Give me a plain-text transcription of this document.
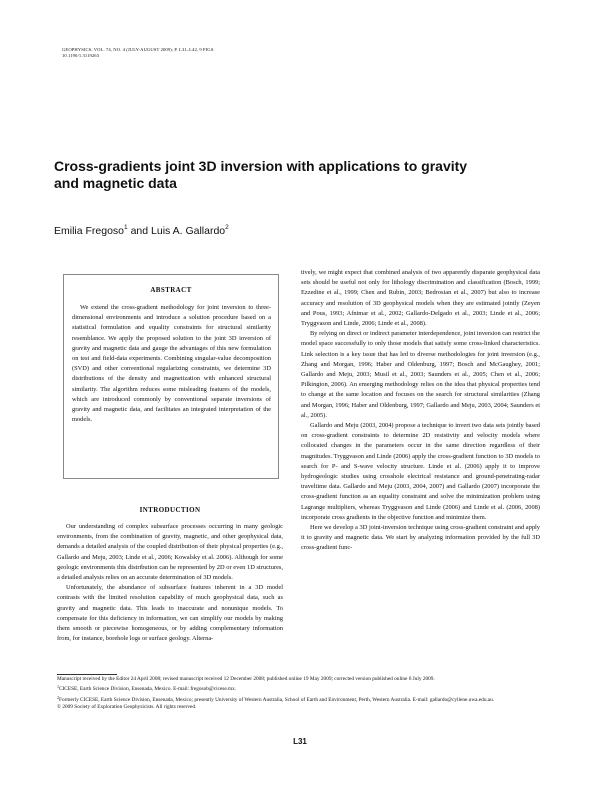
GEOPHYSICS, VOL. 74, NO. 4 (JULY-AUGUST 2009); P. L31–L42, 9 FIGS.
10.1190/1.3119263
Cross-gradients joint 3D inversion with applications to gravity and magnetic data
Emilia Fregoso$^1$ and Luis A. Gallardo$^2$
ABSTRACT
We extend the cross-gradient methodology for joint inversion to three-dimensional environments and introduce a solution procedure based on a statistical formulation and equality constraints for structural similarity resemblance. We apply the proposed solution to the joint 3D inversion of gravity and magnetic data and gauge the advantages of this new formulation on test and field-data experiments. Combining singular-value decomposition (SVD) and other conventional regularizing constraints, we determine 3D distributions of the density and magnetization with enhanced structural similarity. The algorithm reduces some misleading features of the models, which are introduced commonly by conventional separate inversions of gravity and magnetic data, and facilitates an integrated interpretation of the models.
INTRODUCTION

Our understanding of complex subsurface processes occurring in many geologic environments, from the combination of gravity, magnetic, and other geophysical data, demands a detailed analysis of the coupled distribution of their physical properties (e.g., Gallardo and Meju, 2003; Linde et al., 2006; Kowalsky et al. 2006). Although for some geologic environments this distribution can be represented by 2D or even 1D structures, a detailed analysis relies on an accurate determination of 3D models.

Unfortunately, the abundance of subsurface features inherent in a 3D model contrasts with the limited resolution capability of much geophysical data, such as gravity and magnetic data. This leads to inaccurate and nonunique models. To compensate for this deficiency in information, we can simplify our models by making them smooth or piecewise homogeneous, or by adding complementary information from, for instance, borehole logs or surface geology. Alterna-

tively, we might expect that combined analysis of two apparently disparate geophysical data sets should be useful not only for lithology discrimination and classification (Bosch, 1999; Ezzedine et al., 1999; Chen and Rubin, 2003; Bedrosian et al., 2007) but also to increase accuracy and resolution of 3D geophysical models when they are estimated jointly (Zeyen and Pous, 1993; Afnimar et al., 2002; Gallardo-Delgado et al., 2003; Linde et al., 2006; Tryggvason and Linde, 2006; Linde et al., 2008).

By relying on direct or indirect parameter interdependence, joint inversion can restrict the model space successfully to only those models that satisfy some cross-linked characteristics. Link selection is a key issue that has led to diverse methodologies for joint inversion (e.g., Zhang and Morgan, 1996; Haber and Oldenburg, 1997; Bosch and McGaughey, 2001; Gallardo and Meju, 2003; Musil et al., 2003; Saunders et al., 2005; Chen et al., 2006; Pilkington, 2006). An emerging methodology relies on the idea that physical properties tend to change at the same location and focuses on the search for structural similarities (Zhang and Morgan, 1996; Haber and Oldenburg, 1997; Gallardo and Meju, 2003, 2004; Saunders et al., 2005).

Gallardo and Meju (2003, 2004) propose a technique to invert two data sets jointly based on cross-gradient constraints to determine 2D resistivity and velocity models where collocated changes in the parameters occur in the same direction regardless of their magnitudes. Tryggvason and Linde (2006) apply the cross-gradient function to 3D models to search for P- and S-wave velocity structure. Linde et al. (2006) apply it to improve hydrogeologic studies using crosshole electrical resistance and ground-penetrating-radar traveltime data. Gallardo and Meju (2003, 2004, 2007) and Gallardo (2007) incorporate the cross-gradient function as an equality constraint and solve the minimization problem using Lagrange multipliers, whereas Tryggvason and Linde (2006) and Linde et al. (2006, 2008) incorporate cross gradients in the objective function and minimize them.

Here we develop a 3D joint-inversion technique using cross-gradient constraint and apply it to gravity and magnetic data. We start by analyzing information provided by the full 3D cross-gradient func-

Manuscript received by the Editor 24 April 2008; revised manuscript received 12 December 2008; published online 19 May 2009; corrected version published online 6 July 2009.
$^1$CICESE, Earth Science Division, Ensenada, Mexico. E-mail: fregosob@cicese.mx.
$^2$Formerly CICESE, Earth Science Division, Ensenada, Mexico; presently University of Western Australia, School of Earth and Environment, Perth, Western Australia. E-mail: gallardo@cyllene.uwa.edu.au.
© 2009 Society of Exploration Geophysicists. All rights reserved.
L31
